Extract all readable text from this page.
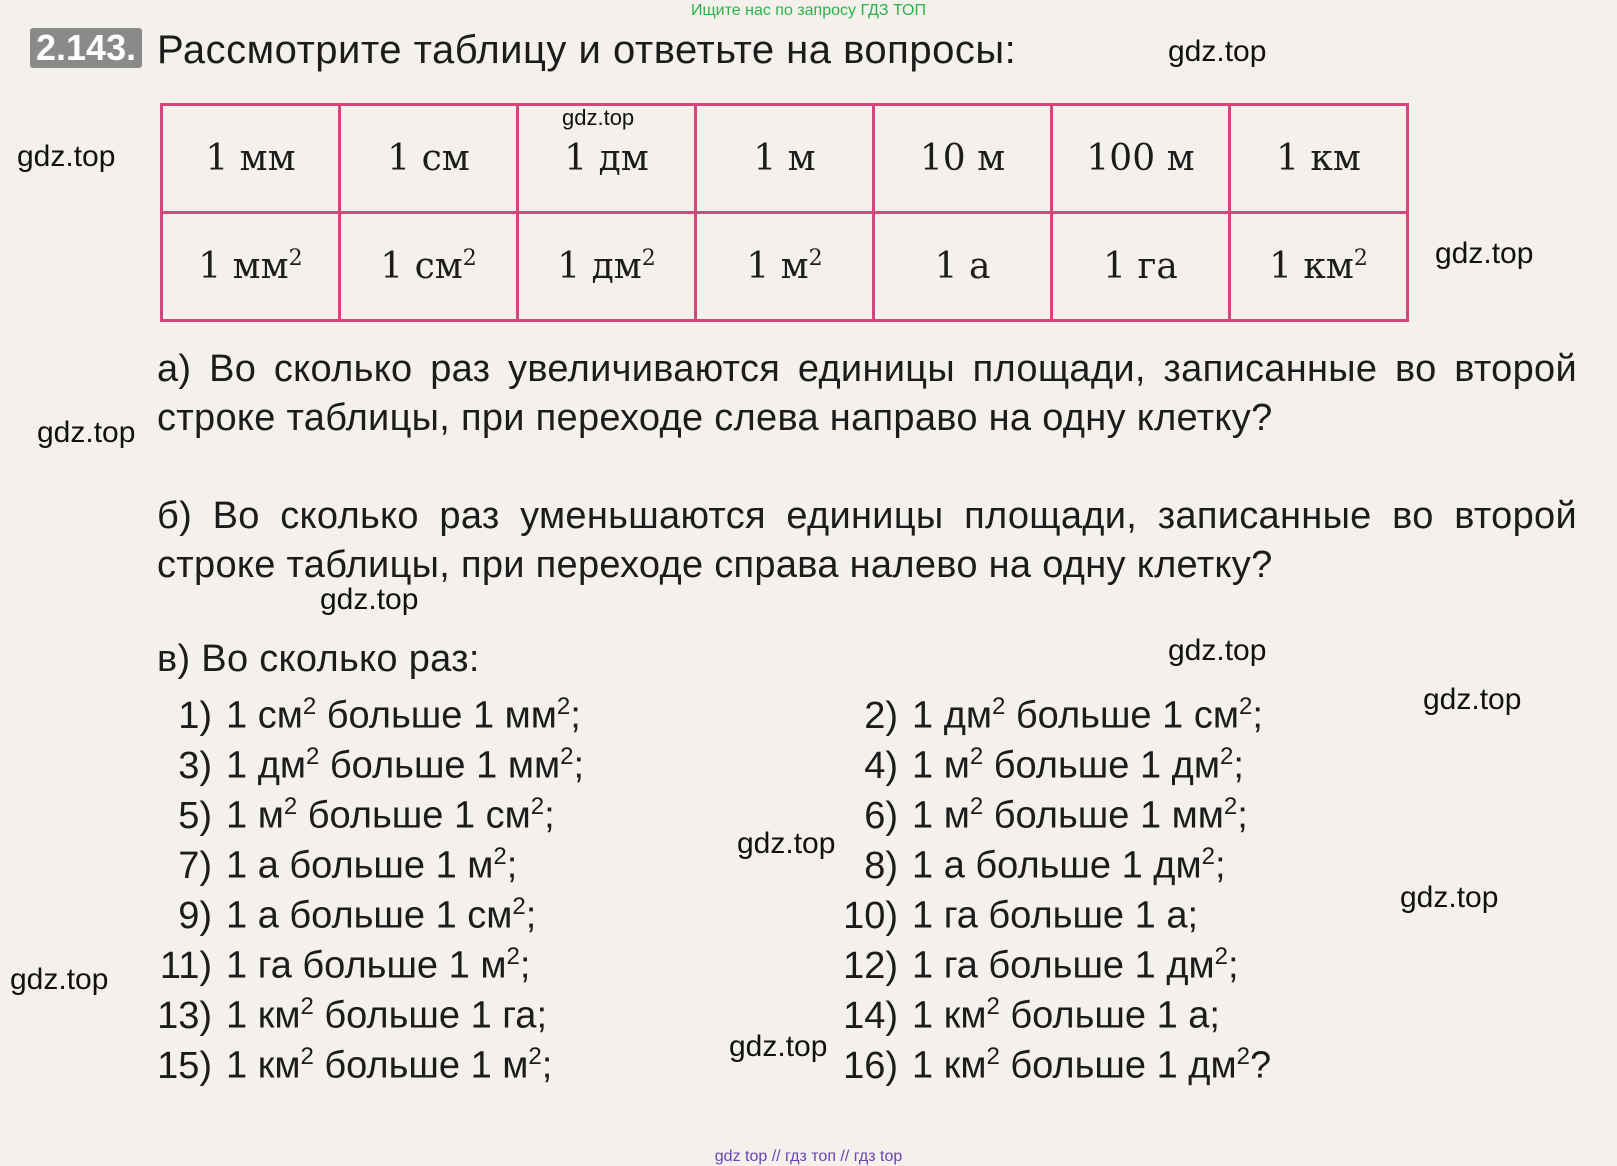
Ищите нас по запросу ГДЗ ТОП
2.143. Рассмотрите таблицу и ответьте на вопросы:
1 мм	1 см	1 дм	1 м	10 м	100 м	1 км
1 $мм^2$	1 $см^2$	1 $дм^2$	1 $м^2$	1 а	1 га	1 $км^2$
а) Во сколько раз увеличиваются единицы площади, записанные во второй строке таблицы, при переходе слева направо на одну клетку?
б) Во сколько раз уменьшаются единицы площади, записанные во второй строке таблицы, при переходе справа налево на одну клетку?
в) Во сколько раз:
1) 1 $см^2$ больше 1 $мм^2$;	2) 1 $дм^2$ больше 1 $см^2$;
3) 1 $дм^2$ больше 1 $мм^2$;	4) 1 $м^2$ больше 1 $дм^2$;
5) 1 $м^2$ больше 1 $см^2$;	6) 1 $м^2$ больше 1 $мм^2$;
7) 1 а больше 1 $м^2$;	8) 1 а больше 1 $дм^2$;
9) 1 а больше 1 $см^2$;	10) 1 га больше 1 а;
11) 1 га больше 1 $м^2$;	12) 1 га больше 1 $дм^2$;
13) 1 $км^2$ больше 1 га;	14) 1 $км^2$ больше 1 а;
15) 1 $км^2$ больше 1 $м^2$;	16) 1 $км^2$ больше 1 $дм^2$?
gdz.top
gdz.top
gdz.top
gdz.top
gdz.top
gdz.top
gdz.top
gdz.top
gdz.top
gdz.top
gdz.top
gdz.top
gdz top // гдз топ // гдз top
